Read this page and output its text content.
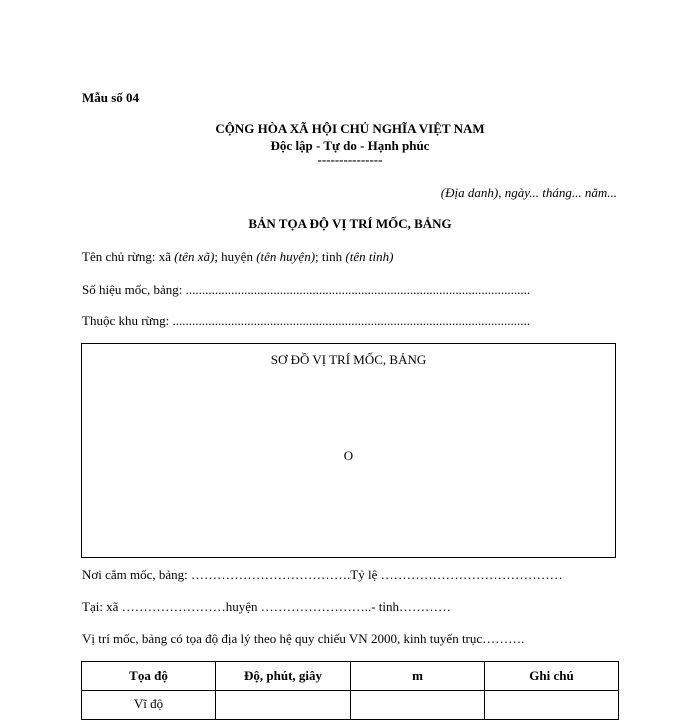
Mẫu số 04
CỘNG HÒA XÃ HỘI CHỦ NGHĨA VIỆT NAM
Độc lập - Tự do - Hạnh phúc
---------------
(Địa danh), ngày... tháng... năm...
BẢN TỌA ĐỘ VỊ TRÍ MỐC, BẢNG
Tên chủ rừng: xã (tên xã); huyện (tên huyện); tỉnh (tên tỉnh)
Số hiệu mốc, bảng: ..........................................................................................................
Thuộc khu rừng: ..............................................................................................................
SƠ ĐỒ VỊ TRÍ MỐC, BẢNG
O
Nơi cắm mốc, bảng: ……………………………….Tỷ lệ ……………………………………
Tại: xã ……………………huyện ……………………..- tỉnh…………
Vị trí mốc, bảng có tọa độ địa lý theo hệ quy chiếu VN 2000, kinh tuyến trục……….
Tọa độ	Độ, phút, giây	m	Ghi chú
Vĩ độ			
